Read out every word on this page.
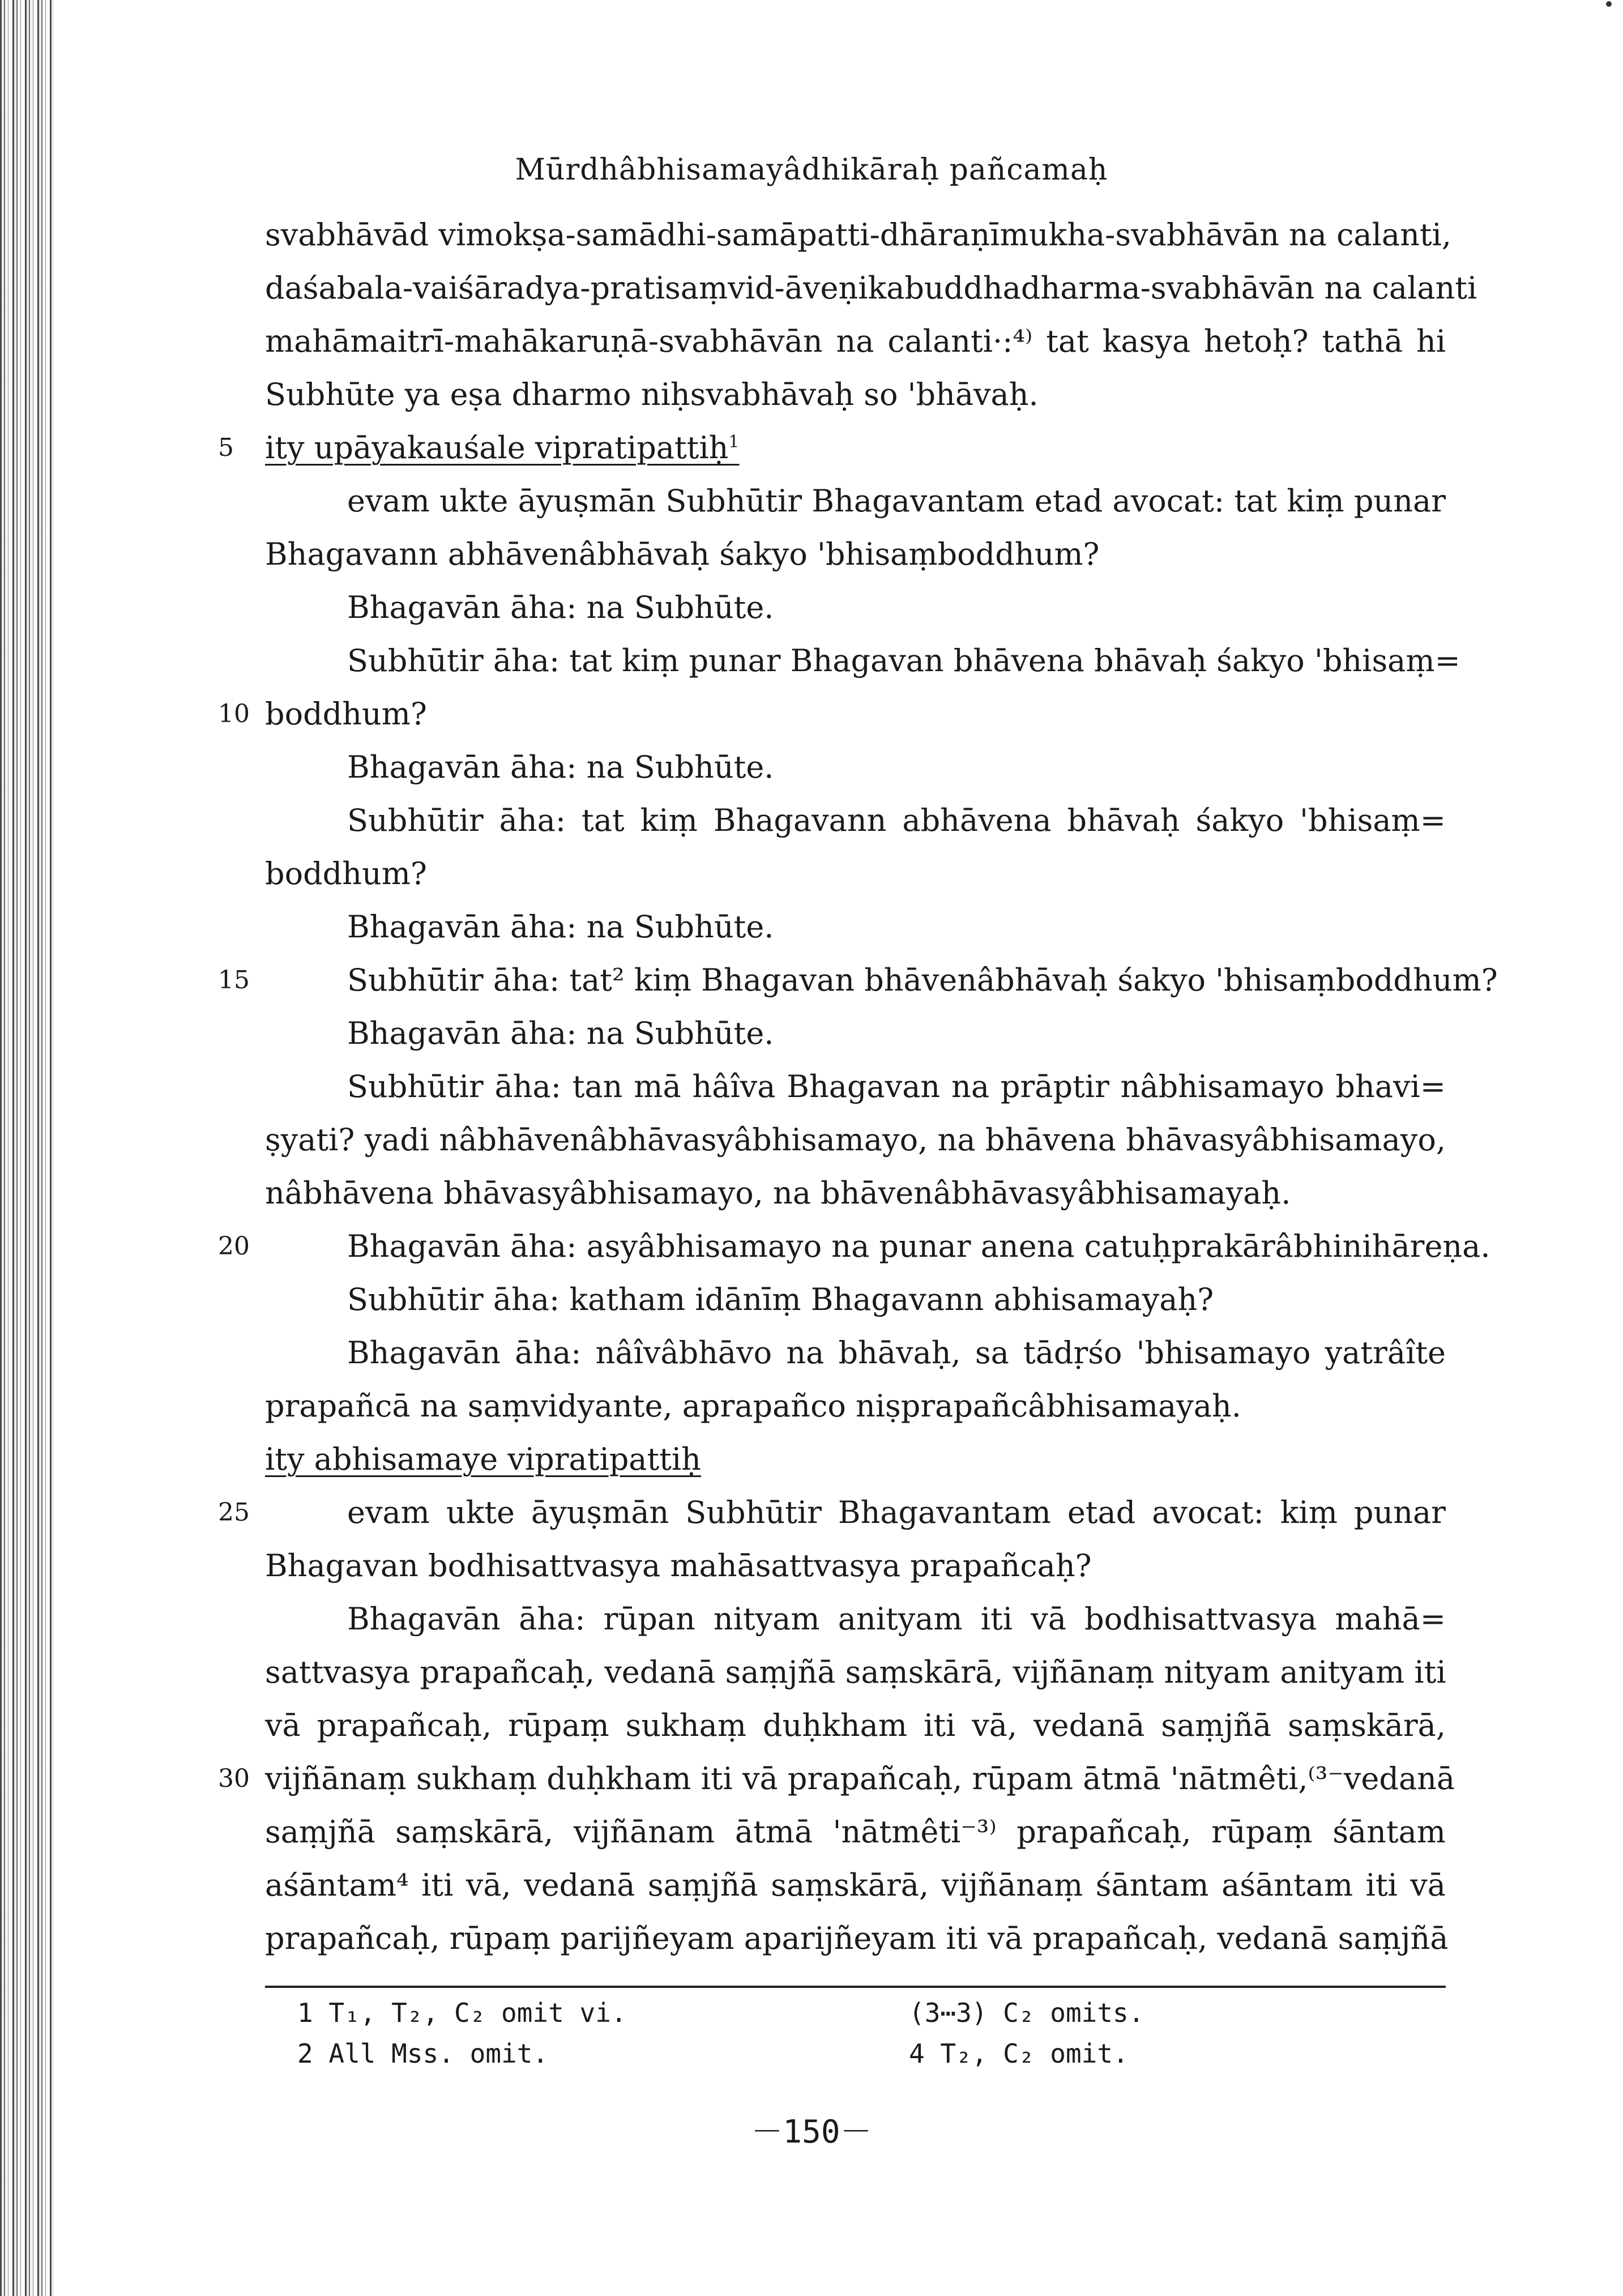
Mūrdhâbhisamayâdhikāraḥ pañcamaḥ
svabhāvād vimokṣa-samādhi-samāpatti-dhāraṇīmukha-svabhāvān na calanti,
daśabala-vaiśāradya-pratisaṃvid-āveṇikabuddhadharma-svabhāvān na calanti
mahāmaitrī-mahākaruṇā-svabhāvān na calanti·:⁴⁾ tat kasya hetoḥ? tathā hi
Subhūte ya eṣa dharmo niḥsvabhāvaḥ so 'bhāvaḥ.
ity upāyakauśale vipratipattiḥ$^1$
evam ukte āyuṣmān Subhūtir Bhagavantam etad avocat: tat kiṃ punar
Bhagavann abhāvenâbhāvaḥ śakyo 'bhisaṃboddhum?
Bhagavān āha: na Subhūte.
Subhūtir āha: tat kiṃ punar Bhagavan bhāvena bhāvaḥ śakyo 'bhisaṃ=
boddhum?
Bhagavān āha: na Subhūte.
Subhūtir āha: tat kiṃ Bhagavann abhāvena bhāvaḥ śakyo 'bhisaṃ=
boddhum?
Bhagavān āha: na Subhūte.
Subhūtir āha: tat² kiṃ Bhagavan bhāvenâbhāvaḥ śakyo 'bhisaṃboddhum?
Bhagavān āha: na Subhūte.
Subhūtir āha: tan mā hâîva Bhagavan na prāptir nâbhisamayo bhavi=
ṣyati? yadi nâbhāvenâbhāvasyâbhisamayo, na bhāvena bhāvasyâbhisamayo,
nâbhāvena bhāvasyâbhisamayo, na bhāvenâbhāvasyâbhisamayaḥ.
Bhagavān āha: asyâbhisamayo na punar anena catuḥprakārâbhinihāreṇa.
Subhūtir āha: katham idānīṃ Bhagavann abhisamayaḥ?
Bhagavān āha: nâîvâbhāvo na bhāvaḥ, sa tādṛśo 'bhisamayo yatrâîte
prapañcā na saṃvidyante, aprapañco niṣprapañcâbhisamayaḥ.
ity abhisamaye vipratipattiḥ
evam ukte āyuṣmān Subhūtir Bhagavantam etad avocat: kiṃ punar
Bhagavan bodhisattvasya mahāsattvasya prapañcaḥ?
Bhagavān āha: rūpan nityam anityam iti vā bodhisattvasya mahā=
sattvasya prapañcaḥ, vedanā saṃjñā saṃskārā, vijñānaṃ nityam anityam iti
vā prapañcaḥ, rūpaṃ sukhaṃ duḥkham iti vā, vedanā saṃjñā saṃskārā,
vijñānaṃ sukhaṃ duḥkham iti vā prapañcaḥ, rūpam ātmā 'nātmêti,⁽³⁻vedanā
saṃjñā saṃskārā, vijñānam ātmā 'nātmêti⁻³⁾ prapañcaḥ, rūpaṃ śāntam
aśāntam⁴ iti vā, vedanā saṃjñā saṃskārā, vijñānaṃ śāntam aśāntam iti vā
prapañcaḥ, rūpaṃ parijñeyam aparijñeyam iti vā prapañcaḥ, vedanā saṃjñā
5
10
15
20
25
30
1 T₁, T₂, C₂ omit vi.	(3⋯3) C₂ omits.
2 All Mss. omit.	4 T₂, C₂ omit.
－150－
